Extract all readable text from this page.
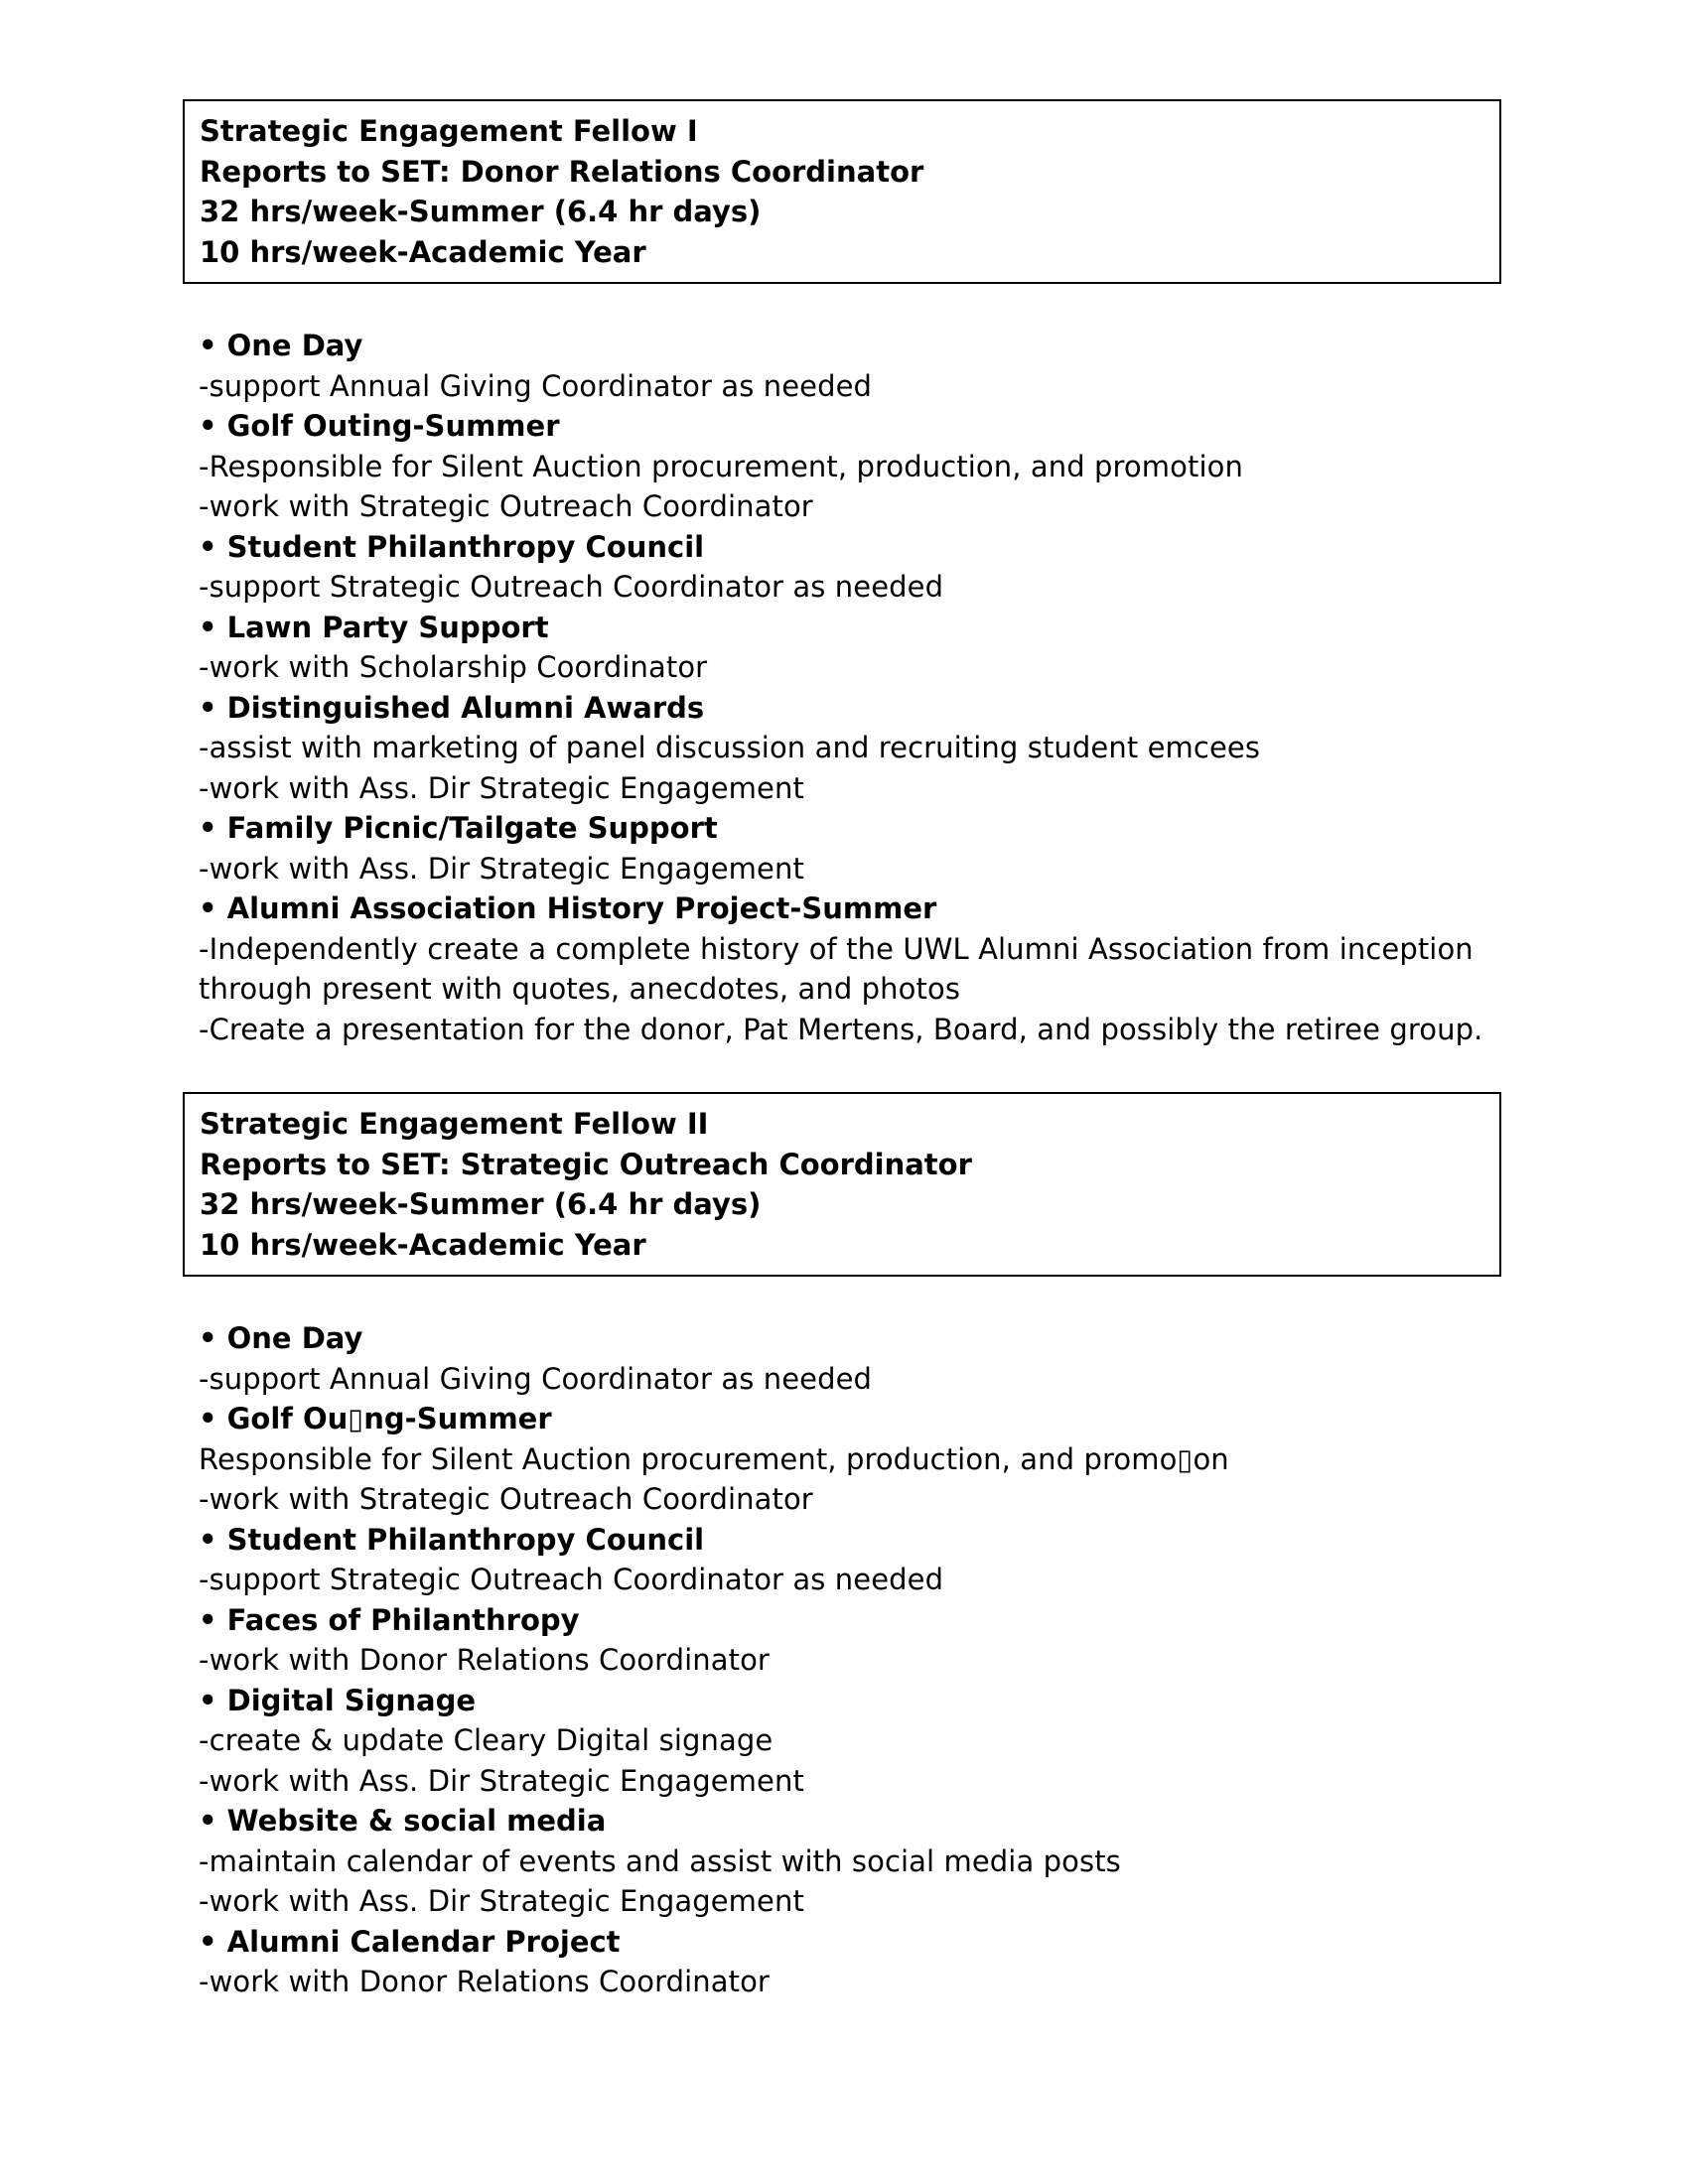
Strategic Engagement Fellow I
Reports to SET: Donor Relations Coordinator
32 hrs/week-Summer (6.4 hr days)
10 hrs/week-Academic Year
• One Day
-support Annual Giving Coordinator as needed
• Golf Outing-Summer
-Responsible for Silent Auction procurement, production, and promotion
-work with Strategic Outreach Coordinator
• Student Philanthropy Council
-support Strategic Outreach Coordinator as needed
• Lawn Party Support
-work with Scholarship Coordinator
• Distinguished Alumni Awards
-assist with marketing of panel discussion and recruiting student emcees
-work with Ass. Dir Strategic Engagement
• Family Picnic/Tailgate Support
-work with Ass. Dir Strategic Engagement
• Alumni Association History Project-Summer
-Independently create a complete history of the UWL Alumni Association from inception through present with quotes, anecdotes, and photos
-Create a presentation for the donor, Pat Mertens, Board, and possibly the retiree group.
Strategic Engagement Fellow II
Reports to SET: Strategic Outreach Coordinator
32 hrs/week-Summer (6.4 hr days)
10 hrs/week-Academic Year
• One Day
-support Annual Giving Coordinator as needed
• Golf Ou▯ng-Summer
Responsible for Silent Auction procurement, production, and promo▯on
-work with Strategic Outreach Coordinator
• Student Philanthropy Council
-support Strategic Outreach Coordinator as needed
• Faces of Philanthropy
-work with Donor Relations Coordinator
• Digital Signage
-create & update Cleary Digital signage
-work with Ass. Dir Strategic Engagement
• Website & social media
-maintain calendar of events and assist with social media posts
-work with Ass. Dir Strategic Engagement
• Alumni Calendar Project
-work with Donor Relations Coordinator
